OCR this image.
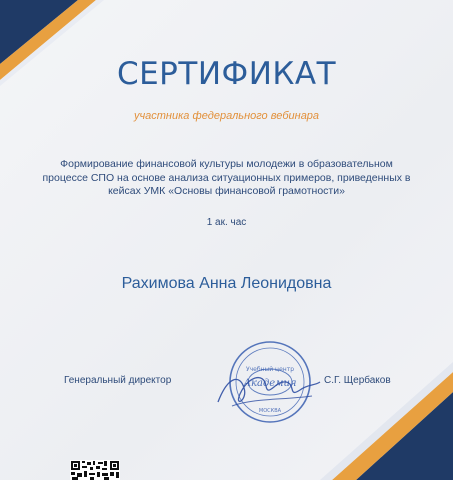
СЕРТИФИКАТ
участника федерального вебинара
Формирование финансовой культуры молодежи в образовательном процессе СПО на основе анализа ситуационных примеров, приведенных в кейсах УМК «Основы финансовой грамотности»
1 ак. час
Рахимова Анна Леонидовна
Генеральный директор
Учебный центр
Академия
МОСКВА
С.Г. Щербаков
